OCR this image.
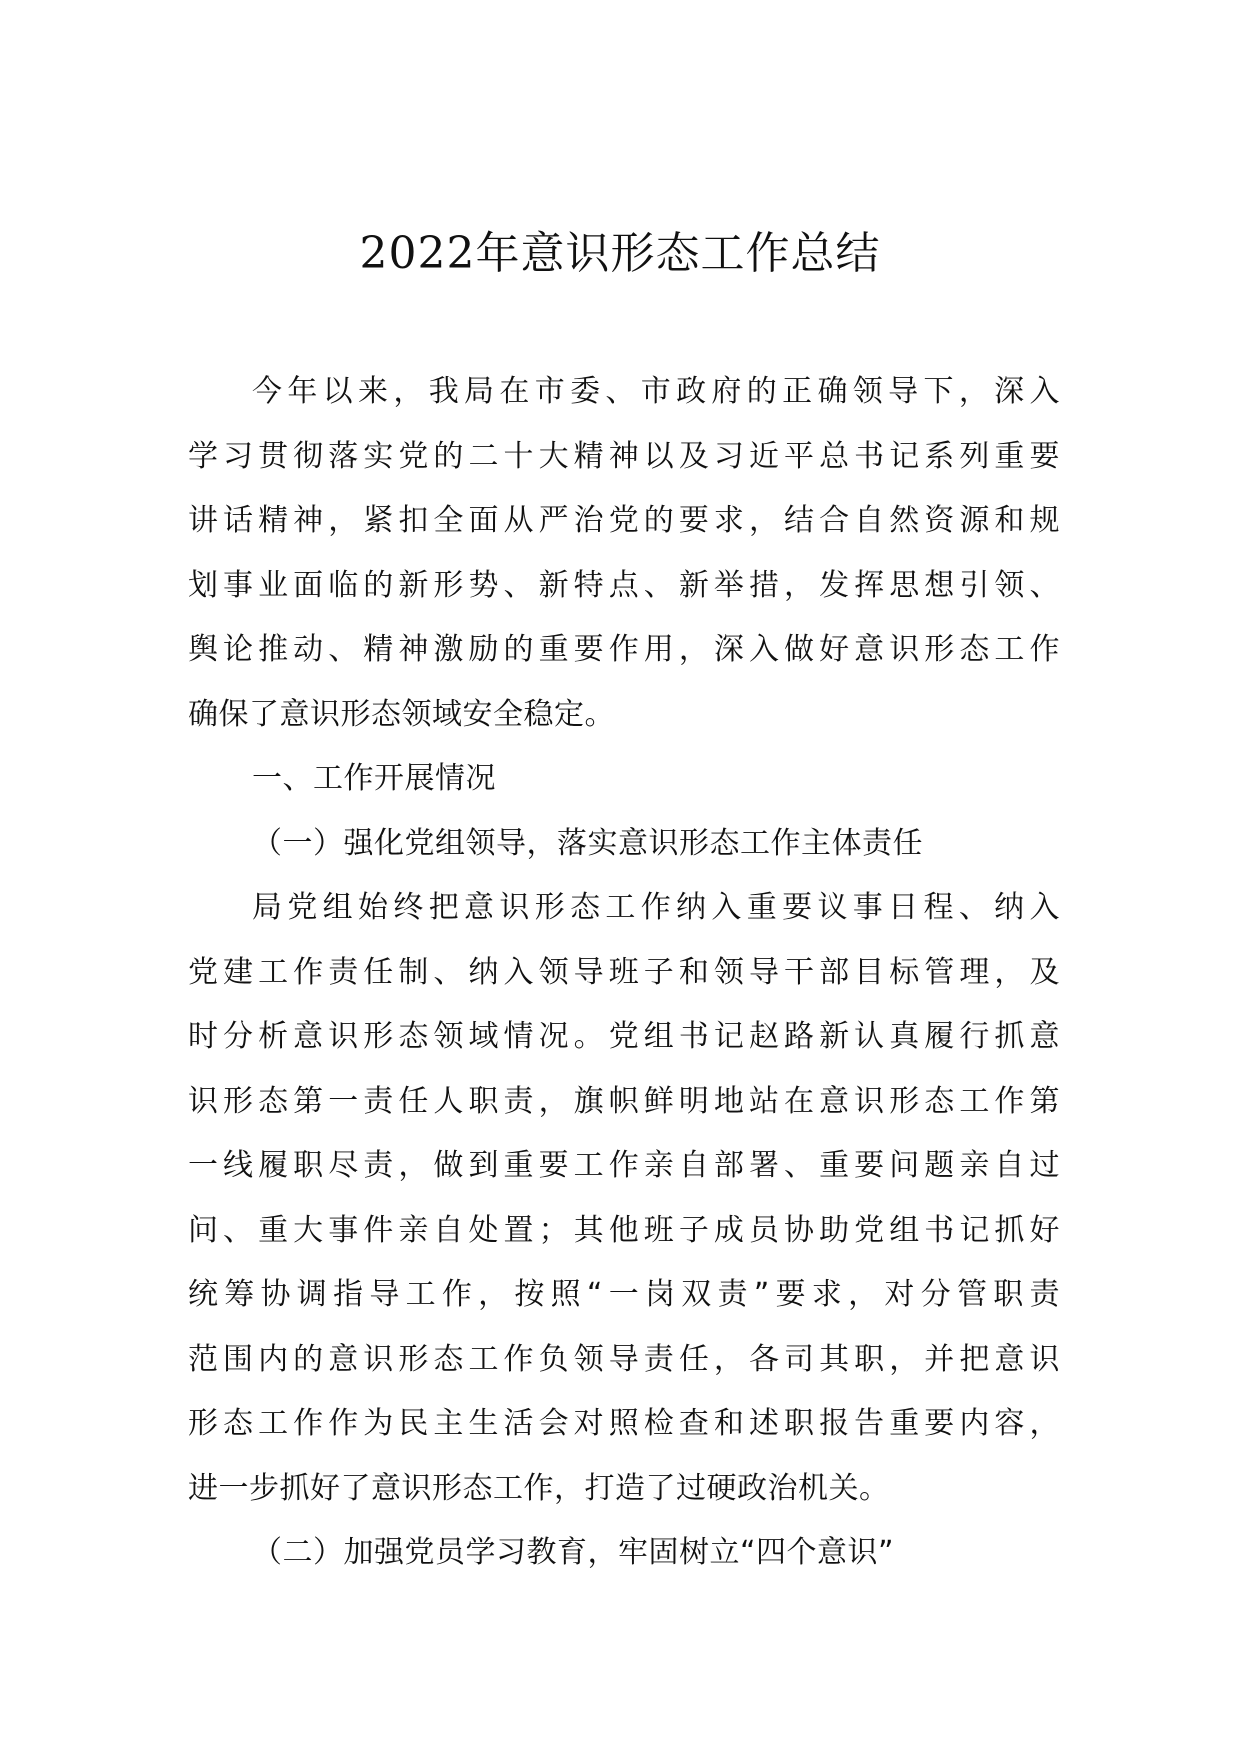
2022年意识形态工作总结
今年以来，我局在市委、市政府的正确领导下，深入
学习贯彻落实党的二十大精神以及习近平总书记系列重要
讲话精神，紧扣全面从严治党的要求，结合自然资源和规
划事业面临的新形势、新特点、新举措，发挥思想引领、
舆论推动、精神激励的重要作用，深入做好意识形态工作
确保了意识形态领域安全稳定。
一、工作开展情况
（一）强化党组领导，落实意识形态工作主体责任
局党组始终把意识形态工作纳入重要议事日程、纳入
党建工作责任制、纳入领导班子和领导干部目标管理，及
时分析意识形态领域情况。党组书记赵路新认真履行抓意
识形态第一责任人职责，旗帜鲜明地站在意识形态工作第
一线履职尽责，做到重要工作亲自部署、重要问题亲自过
问、重大事件亲自处置；其他班子成员协助党组书记抓好
统筹协调指导工作，按照“一岗双责”要求，对分管职责
范围内的意识形态工作负领导责任，各司其职，并把意识
形态工作作为民主生活会对照检查和述职报告重要内容，
进一步抓好了意识形态工作，打造了过硬政治机关。
（二）加强党员学习教育，牢固树立“四个意识”
